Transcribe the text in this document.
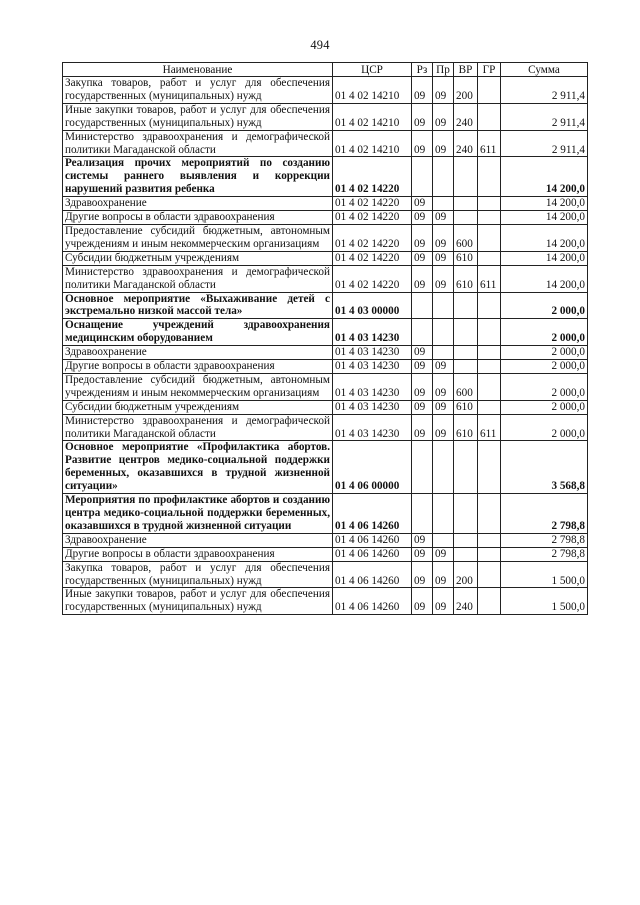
494
Наименование	ЦСР	Рз	Пр	ВР	ГР	Сумма
Закупка товаров, работ и услуг для обеспечения государственных (муниципальных) нужд	01 4 02 14210	09	09	200		2 911,4
Иные закупки товаров, работ и услуг для обеспечения государственных (муниципальных) нужд	01 4 02 14210	09	09	240		2 911,4
Министерство здравоохранения и демографической политики Магаданской области	01 4 02 14210	09	09	240	611	2 911,4
Реализация прочих мероприятий по созданию системы раннего выявления и коррекции нарушений развития ребенка	01 4 02 14220					14 200,0
Здравоохранение	01 4 02 14220	09				14 200,0
Другие вопросы в области здравоохранения	01 4 02 14220	09	09			14 200,0
Предоставление субсидий бюджетным, автономным учреждениям и иным некоммерческим организациям	01 4 02 14220	09	09	600		14 200,0
Субсидии бюджетным учреждениям	01 4 02 14220	09	09	610		14 200,0
Министерство здравоохранения и демографической политики Магаданской области	01 4 02 14220	09	09	610	611	14 200,0
Основное мероприятие «Выхаживание детей с экстремально низкой массой тела»	01 4 03 00000					2 000,0
Оснащение учреждений здравоохранения медицинским оборудованием	01 4 03 14230					2 000,0
Здравоохранение	01 4 03 14230	09				2 000,0
Другие вопросы в области здравоохранения	01 4 03 14230	09	09			2 000,0
Предоставление субсидий бюджетным, автономным учреждениям и иным некоммерческим организациям	01 4 03 14230	09	09	600		2 000,0
Субсидии бюджетным учреждениям	01 4 03 14230	09	09	610		2 000,0
Министерство здравоохранения и демографической политики Магаданской области	01 4 03 14230	09	09	610	611	2 000,0
Основное мероприятие «Профилактика абортов. Развитие центров медико-социальной поддержки беременных, оказавшихся в трудной жизненной ситуации»	01 4 06 00000					3 568,8
Мероприятия по профилактике абортов и созданию центра медико-социальной поддержки беременных, оказавшихся в трудной жизненной ситуации	01 4 06 14260					2 798,8
Здравоохранение	01 4 06 14260	09				2 798,8
Другие вопросы в области здравоохранения	01 4 06 14260	09	09			2 798,8
Закупка товаров, работ и услуг для обеспечения государственных (муниципальных) нужд	01 4 06 14260	09	09	200		1 500,0
Иные закупки товаров, работ и услуг для обеспечения государственных (муниципальных) нужд	01 4 06 14260	09	09	240		1 500,0
